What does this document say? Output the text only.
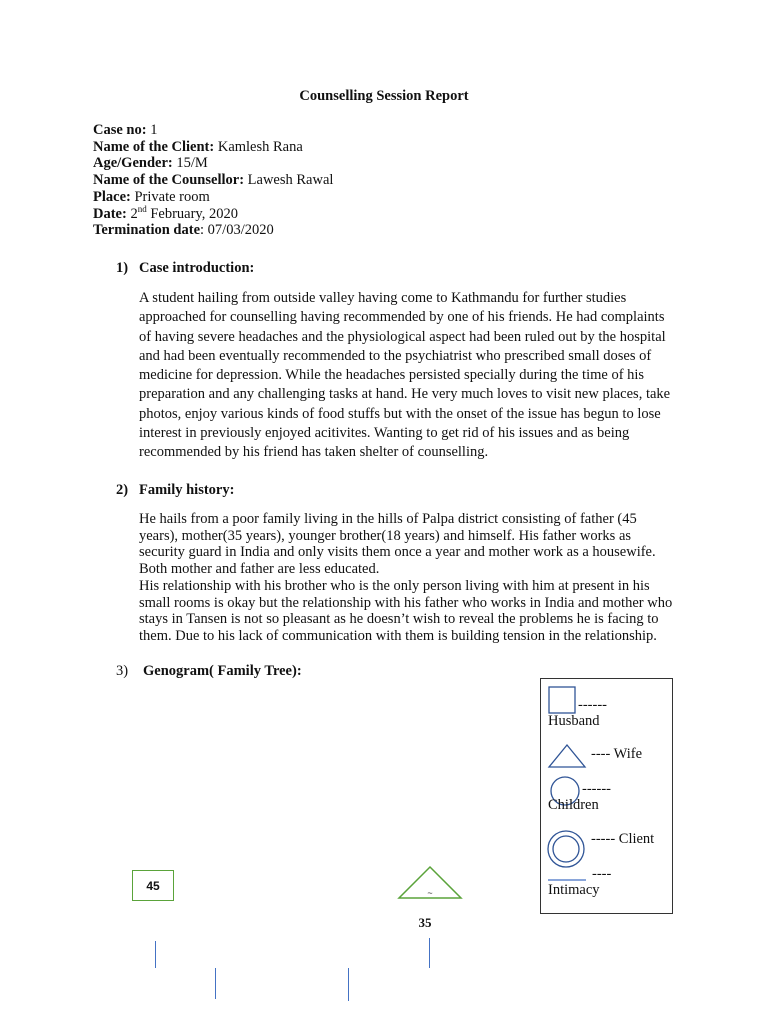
Counselling Session Report
Case no: 1
Name of the Client: Kamlesh Rana
Age/Gender: 15/M
Name of the Counsellor: Lawesh Rawal
Place: Private room
Date: 2nd February, 2020
Termination date: 07/03/2020
1) Case introduction:
A student hailing from outside valley having come to Kathmandu for further studies approached for counselling having recommended by one of his friends. He had complaints of having severe headaches and the physiological aspect had been ruled out by the hospital and had been eventually recommended to the psychiatrist who prescribed small doses of medicine for depression. While the headaches persisted specially during the time of his preparation and any challenging tasks at hand. He very much loves to visit new places, take photos, enjoy various kinds of food stuffs but with the onset of the issue has begun to lose interest in previously enjoyed acitivites. Wanting to get rid of his issues and as being recommended by his friend has taken shelter of counselling.
2) Family history:
He hails from a poor family living in the hills of Palpa district consisting of father (45 years), mother(35 years), younger brother(18 years) and himself. His father works as security guard in India and only visits them once a year and mother work as a housewife. Both mother and father are less educated.
His relationship with his brother who is the only person living with him at present in his small rooms is okay but the relationship with his father who works in India and mother who stays in Tansen is not so pleasant as he doesn’t wish to reveal the problems he is facing to them. Due to his lack of communication with them is building tension in the relationship.
3) Genogram( Family Tree):
------
Husband
---- Wife
------
Children
----- Client
----
Intimacy
45
~
35
